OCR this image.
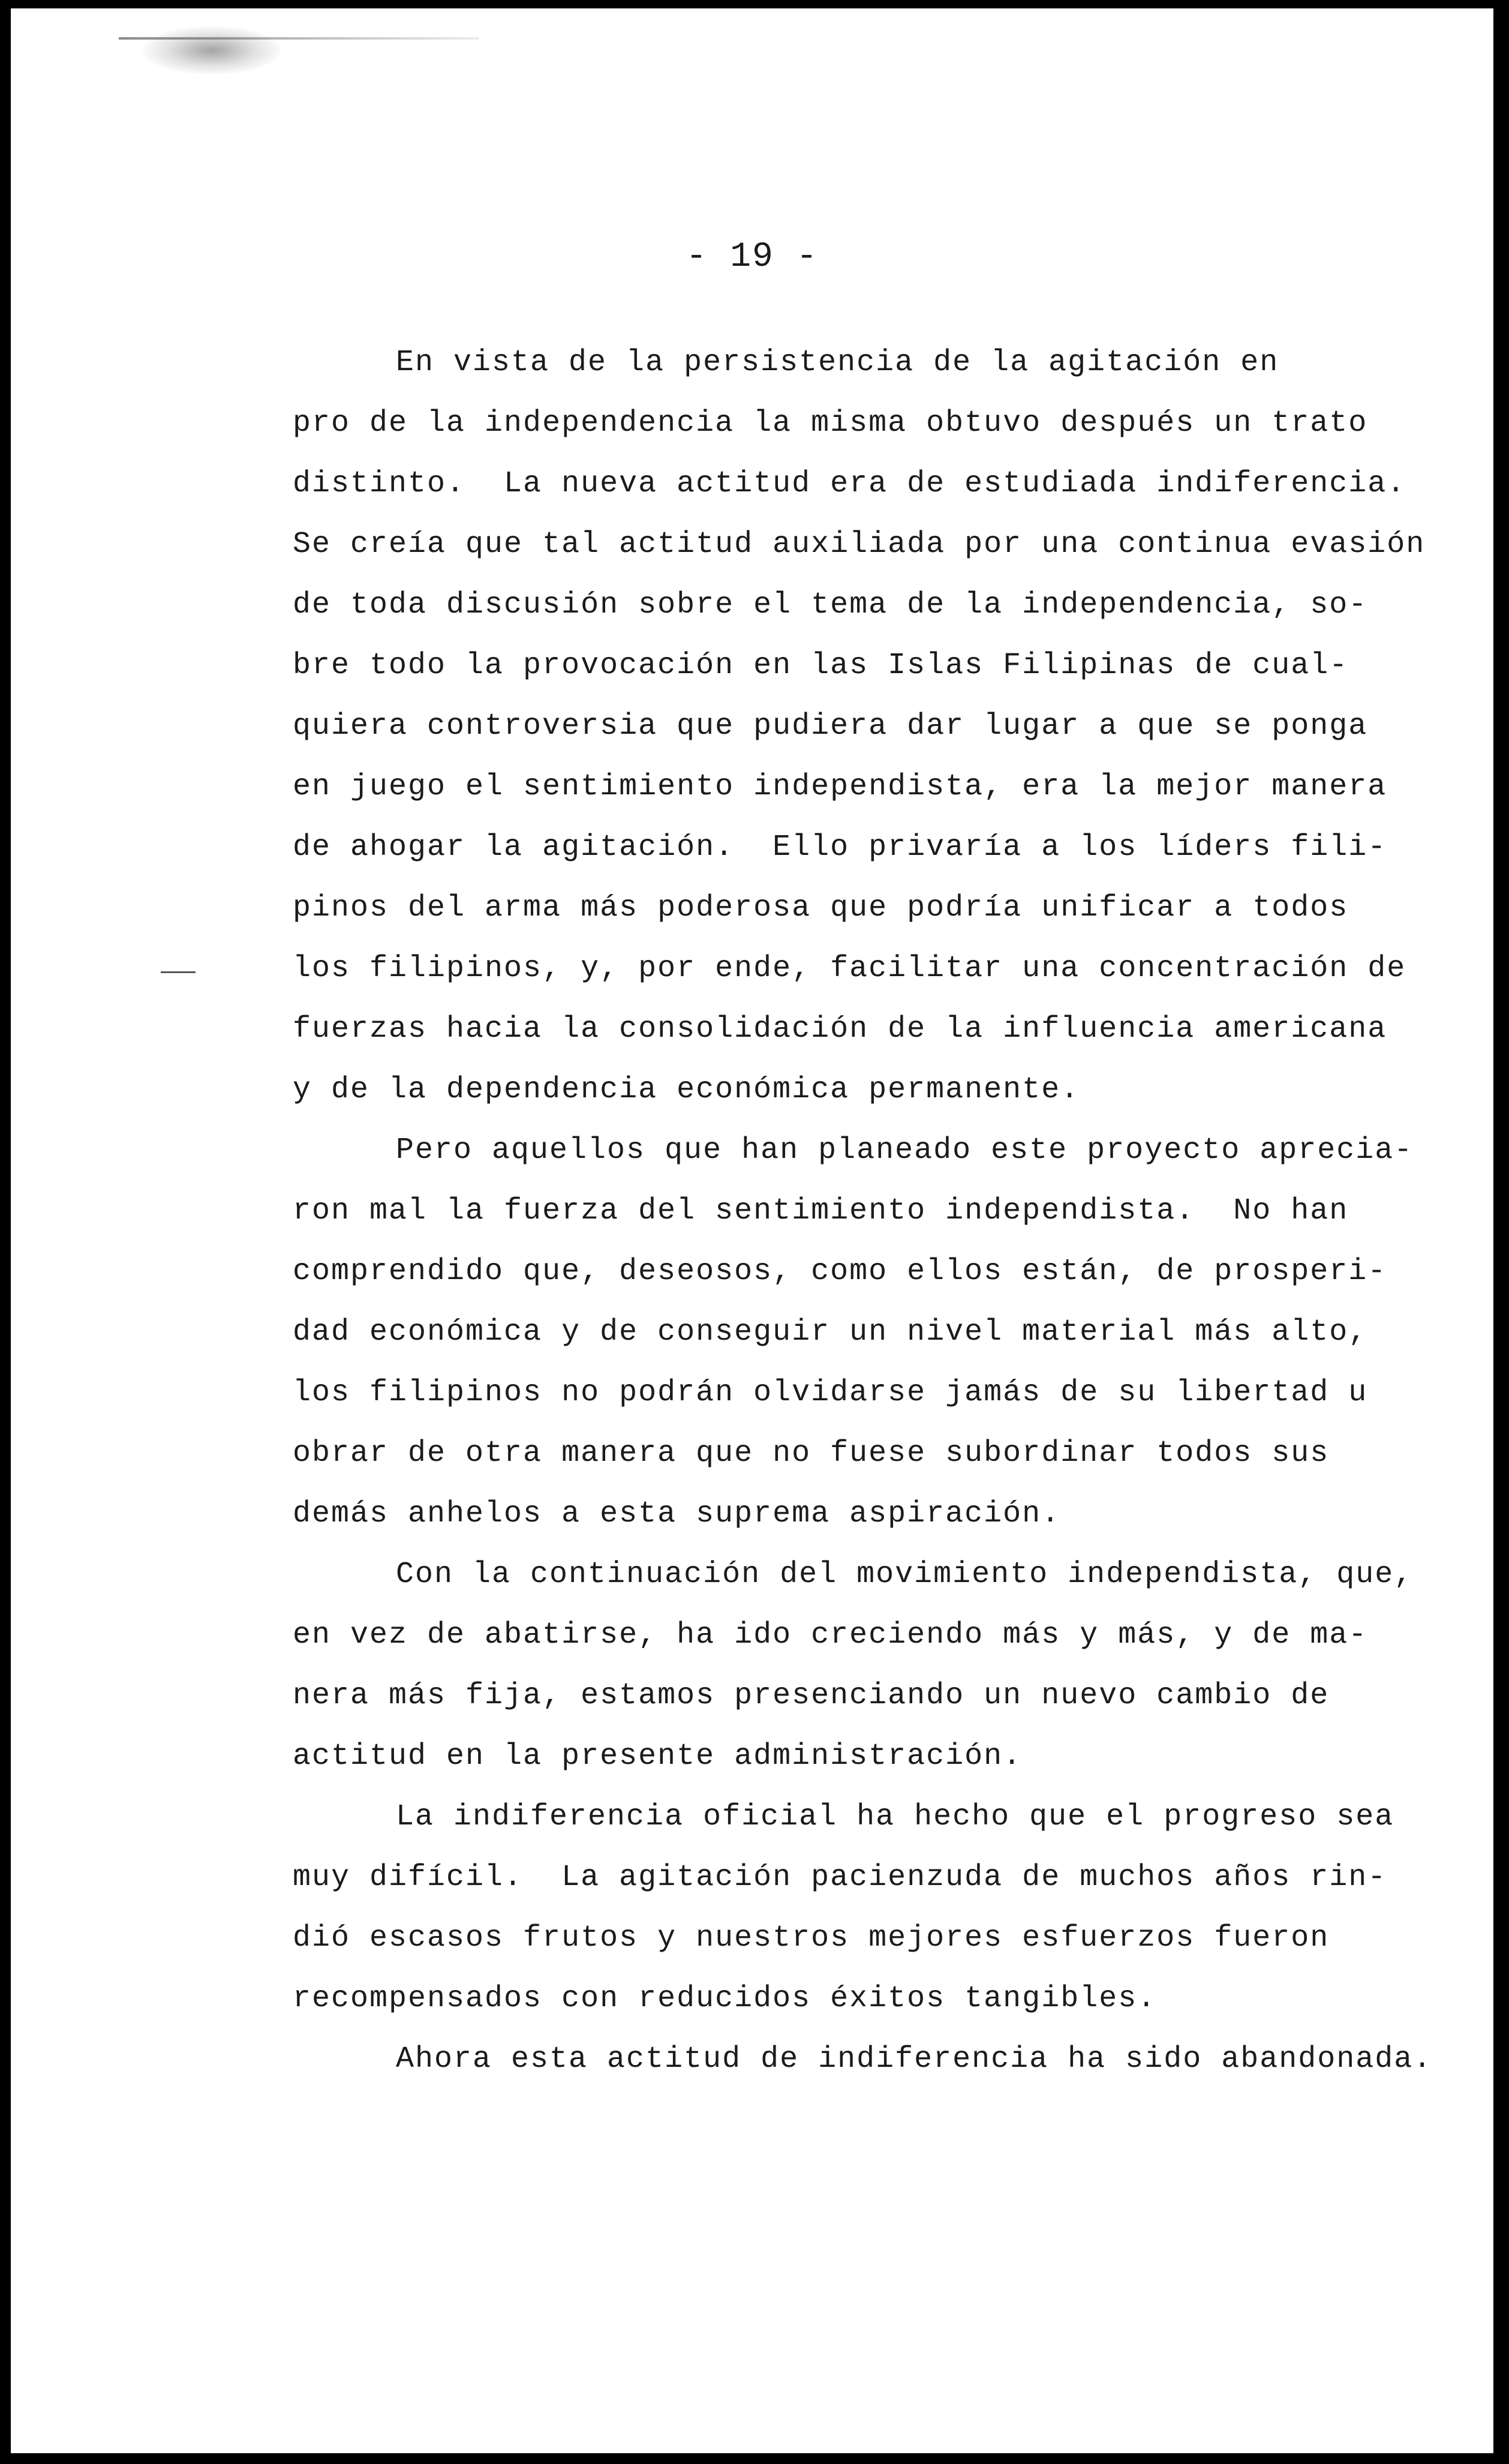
- 19 -
En vista de la persistencia de la agitación en
pro de la independencia la misma obtuvo después un trato
distinto.  La nueva actitud era de estudiada indiferencia.
Se creía que tal actitud auxiliada por una continua evasión
de toda discusión sobre el tema de la independencia, so-
bre todo la provocación en las Islas Filipinas de cual-
quiera controversia que pudiera dar lugar a que se ponga
en juego el sentimiento independista, era la mejor manera
de ahogar la agitación.  Ello privaría a los líders fili-
pinos del arma más poderosa que podría unificar a todos
los filipinos, y, por ende, facilitar una concentración de
fuerzas hacia la consolidación de la influencia americana
y de la dependencia económica permanente.
Pero aquellos que han planeado este proyecto aprecia-
ron mal la fuerza del sentimiento independista.  No han
comprendido que, deseosos, como ellos están, de prosperi-
dad económica y de conseguir un nivel material más alto,
los filipinos no podrán olvidarse jamás de su libertad u
obrar de otra manera que no fuese subordinar todos sus
demás anhelos a esta suprema aspiración.
Con la continuación del movimiento independista, que,
en vez de abatirse, ha ido creciendo más y más, y de ma-
nera más fija, estamos presenciando un nuevo cambio de
actitud en la presente administración.
La indiferencia oficial ha hecho que el progreso sea
muy difícil.  La agitación pacienzuda de muchos años rin-
dió escasos frutos y nuestros mejores esfuerzos fueron
recompensados con reducidos éxitos tangibles.
Ahora esta actitud de indiferencia ha sido abandonada.
